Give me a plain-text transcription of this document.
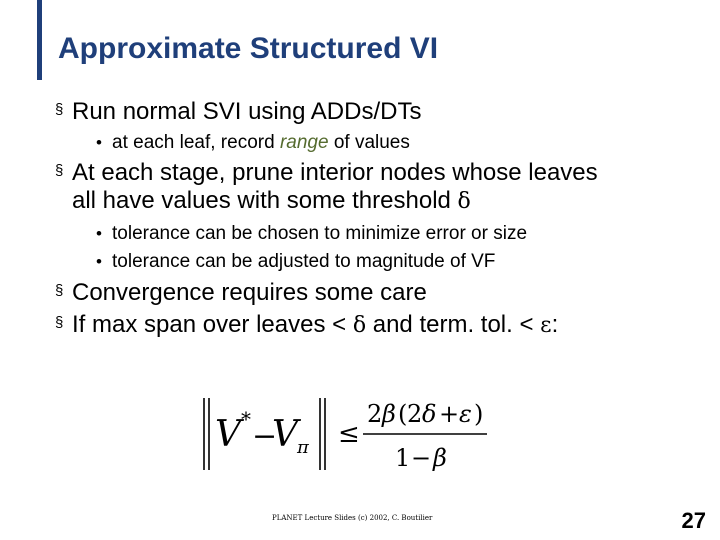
Approximate Structured VI
§ Run normal SVI using ADDs/DTs
• at each leaf, record range of values
§ At each stage, prune interior nodes whose leaves
all have values with some threshold δ
• tolerance can be chosen to minimize error or size
• tolerance can be adjusted to magnitude of VF
§ Convergence requires some care
§ If max span over leaves < δ and term. tol. < ε:
V * −
V π ≤
2 β ( 2 δ + ε )
1 − β
PLANET Lecture Slides (c) 2002, C. Boutilier	27
